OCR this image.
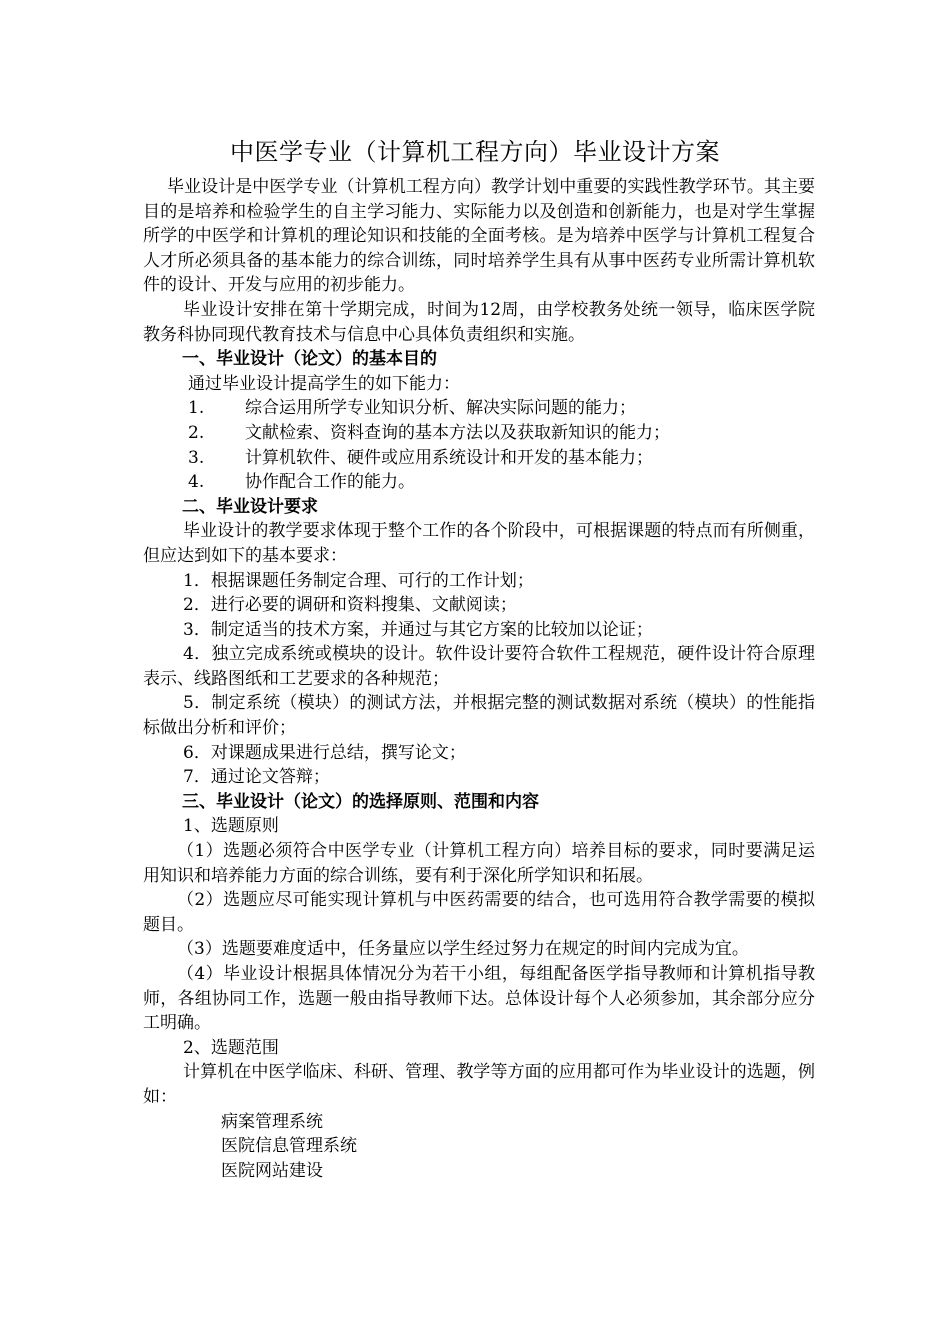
中医学专业（计算机工程方向）毕业设计方案

毕业设计是中医学专业（计算机工程方向）教学计划中重要的实践性教学环节。其主要目的是培养和检验学生的自主学习能力、实际能力以及创造和创新能力，也是对学生掌握所学的中医学和计算机的理论知识和技能的全面考核。是为培养中医学与计算机工程复合人才所必须具备的基本能力的综合训练，同时培养学生具有从事中医药专业所需计算机软件的设计、开发与应用的初步能力。

毕业设计安排在第十学期完成，时间为12周，由学校教务处统一领导，临床医学院教务科协同现代教育技术与信息中心具体负责组织和实施。

一、毕业设计（论文）的基本目的

通过毕业设计提高学生的如下能力：

1. 综合运用所学专业知识分析、解决实际问题的能力；

2. 文献检索、资料查询的基本方法以及获取新知识的能力；

3. 计算机软件、硬件或应用系统设计和开发的基本能力；

4. 协作配合工作的能力。

二、毕业设计要求

毕业设计的教学要求体现于整个工作的各个阶段中，可根据课题的特点而有所侧重，但应达到如下的基本要求：

1．根据课题任务制定合理、可行的工作计划；

2．进行必要的调研和资料搜集、文献阅读；

3．制定适当的技术方案，并通过与其它方案的比较加以论证；

4．独立完成系统或模块的设计。软件设计要符合软件工程规范，硬件设计符合原理表示、线路图纸和工艺要求的各种规范；

5．制定系统（模块）的测试方法，并根据完整的测试数据对系统（模块）的性能指标做出分析和评价；

6．对课题成果进行总结，撰写论文；

7．通过论文答辩；

三、毕业设计（论文）的选择原则、范围和内容

1、选题原则

（1）选题必须符合中医学专业（计算机工程方向）培养目标的要求，同时要满足运用知识和培养能力方面的综合训练，要有利于深化所学知识和拓展。

（2）选题应尽可能实现计算机与中医药需要的结合，也可选用符合教学需要的模拟题目。

（3）选题要难度适中，任务量应以学生经过努力在规定的时间内完成为宜。

（4）毕业设计根据具体情况分为若干小组，每组配备医学指导教师和计算机指导教师，各组协同工作，选题一般由指导教师下达。总体设计每个人必须参加，其余部分应分工明确。

2、选题范围

计算机在中医学临床、科研、管理、教学等方面的应用都可作为毕业设计的选题，例如：

病案管理系统

医院信息管理系统

医院网站建设
